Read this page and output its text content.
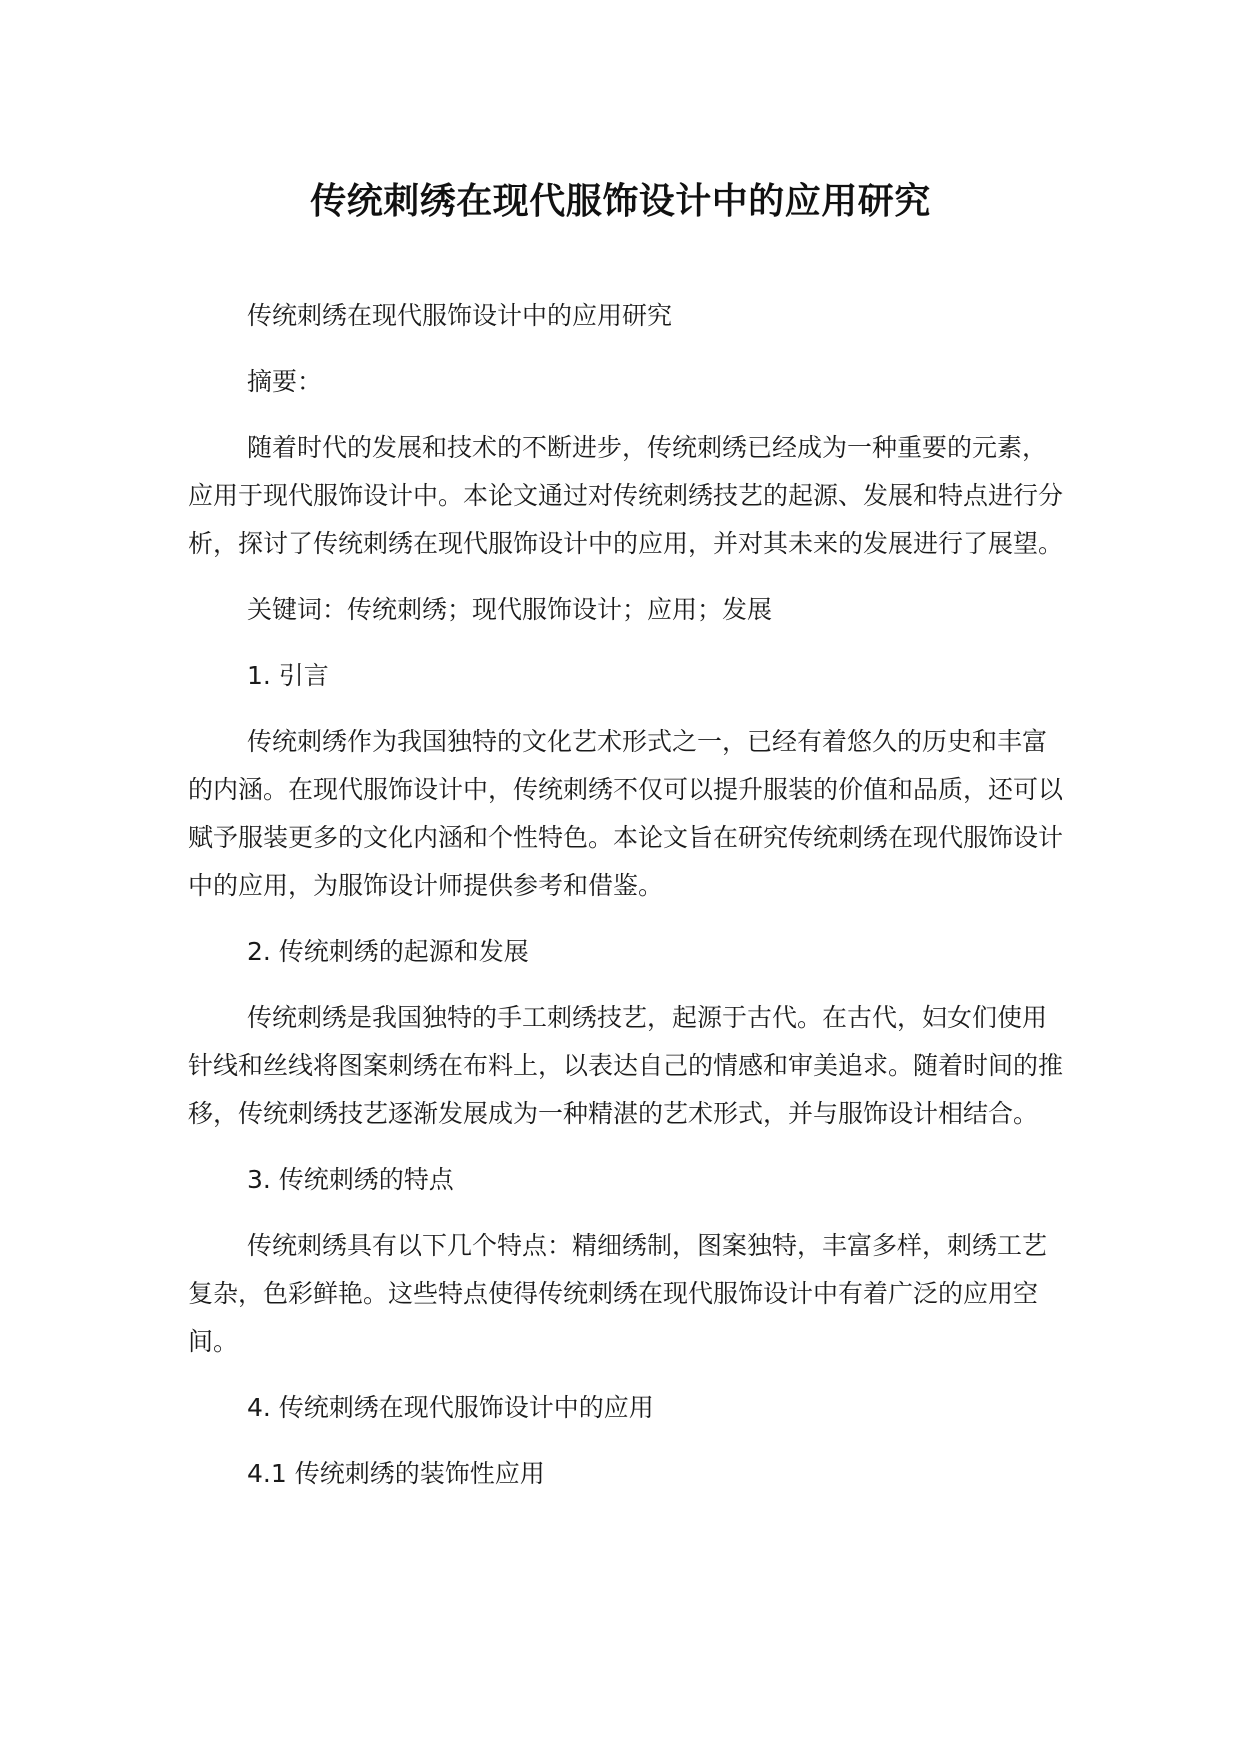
传统刺绣在现代服饰设计中的应用研究
传统刺绣在现代服饰设计中的应用研究
摘要：
随着时代的发展和技术的不断进步，传统刺绣已经成为一种重要的元素，应用于现代服饰设计中。本论文通过对传统刺绣技艺的起源、发展和特点进行分析，探讨了传统刺绣在现代服饰设计中的应用，并对其未来的发展进行了展望。
关键词：传统刺绣；现代服饰设计；应用；发展
1. 引言
传统刺绣作为我国独特的文化艺术形式之一，已经有着悠久的历史和丰富的内涵。在现代服饰设计中，传统刺绣不仅可以提升服装的价值和品质，还可以赋予服装更多的文化内涵和个性特色。本论文旨在研究传统刺绣在现代服饰设计中的应用，为服饰设计师提供参考和借鉴。
2. 传统刺绣的起源和发展
传统刺绣是我国独特的手工刺绣技艺，起源于古代。在古代，妇女们使用针线和丝线将图案刺绣在布料上，以表达自己的情感和审美追求。随着时间的推移，传统刺绣技艺逐渐发展成为一种精湛的艺术形式，并与服饰设计相结合。
3. 传统刺绣的特点
传统刺绣具有以下几个特点：精细绣制，图案独特，丰富多样，刺绣工艺复杂，色彩鲜艳。这些特点使得传统刺绣在现代服饰设计中有着广泛的应用空间。
4. 传统刺绣在现代服饰设计中的应用
4.1 传统刺绣的装饰性应用
